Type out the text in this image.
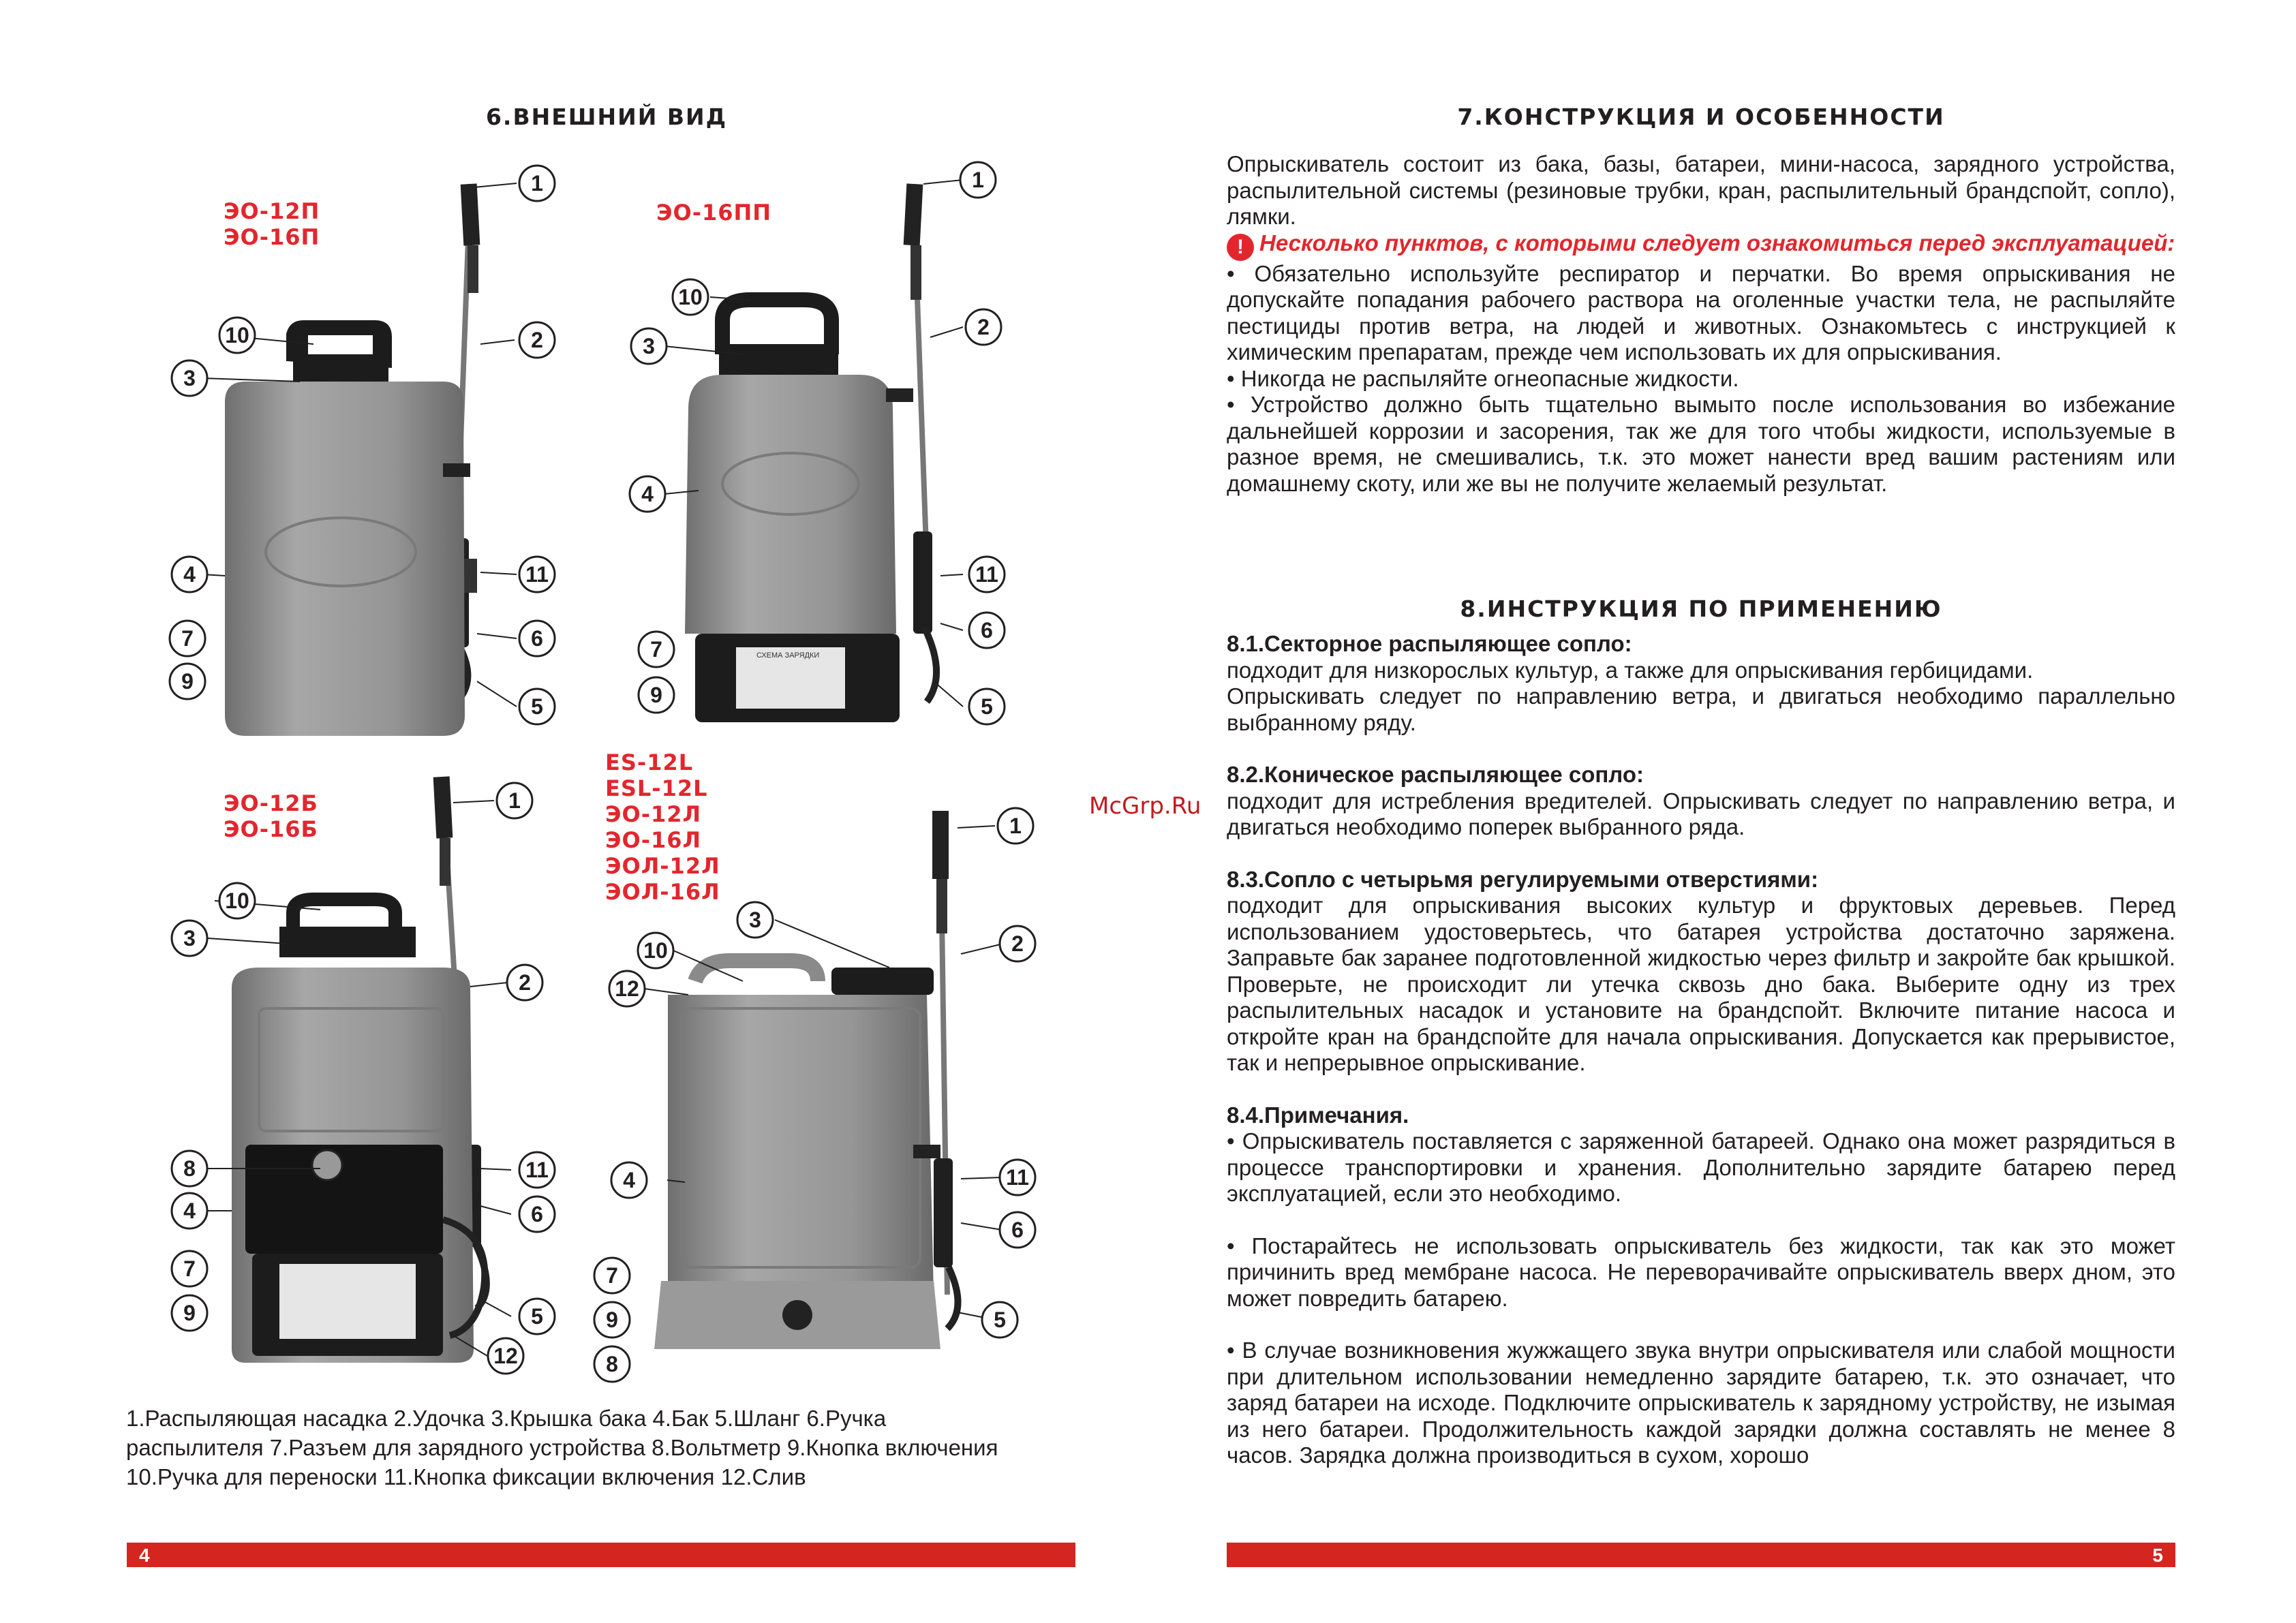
6.ВНЕШНИЙ ВИД
ЭО-12П
ЭО-16П
ЭО-16ПП
ЭО-12Б
ЭО-16Б
ES-12L
ESL-12L
ЭО-12Л
ЭО-16Л
ЭОЛ-12Л
ЭОЛ-16Л
1
2
3
4
5
6
7
9
10
11
1
2
3
4
5
6
7
9
10
11
1
2
3
4
5
6
7
8
9
10
11
12
1
2
3
4
5
6
7
8
9
10
11
12
1.Распыляющая насадка 2.Удочка 3.Крышка бака 4.Бак 5.Шланг 6.Ручка
распылителя 7.Разъем для зарядного устройства 8.Вольтметр 9.Кнопка включения
10.Ручка для переноски 11.Кнопка фиксации включения 12.Слив
4	5
7.КОНСТРУКЦИЯ И ОСОБЕННОСТИ

Опрыскиватель состоит из бака, базы, батареи, мини-насоса, зарядного устройства, распылительной системы (резиновые трубки, кран, распылительный брандспойт, сопло), лямки.

! Несколько пунктов, с которыми следует ознакомиться перед эксплуатацией:

• Обязательно используйте респиратор и перчатки. Во время опрыскивания не допускайте попадания рабочего раствора на оголенные участки тела, не распыляйте пестициды против ветра, на людей и животных. Ознакомьтесь с инструкцией к химическим препаратам, прежде чем использовать их для опрыскивания.

• Никогда не распыляйте огнеопасные жидкости.

• Устройство должно быть тщательно вымыто после использования во избежание дальнейшей коррозии и засорения, так же для того чтобы жидкости, используемые в разное время, не смешивались, т.к. это может нанести вред вашим растениям или домашнему скоту, или же вы не получите желаемый результат.

8.ИНСТРУКЦИЯ ПО ПРИМЕНЕНИЮ

8.1.Секторное распыляющее сопло:

подходит для низкорослых культур, а также для опрыскивания гербицидами.

Опрыскивать следует по направлению ветра, и двигаться необходимо параллельно выбранному ряду.

8.2.Коническое распыляющее сопло:

подходит для истребления вредителей. Опрыскивать следует по направлению ветра, и двигаться необходимо поперек выбранного ряда.

8.3.Сопло с четырьмя регулируемыми отверстиями:

подходит для опрыскивания высоких культур и фруктовых деревьев. Перед использованием удостоверьтесь, что батарея устройства достаточно заряжена. Заправьте бак заранее подготовленной жидкостью через фильтр и закройте бак крышкой. Проверьте, не происходит ли утечка сквозь дно бака. Выберите одну из трех распылительных насадок и установите на брандспойт. Включите питание насоса и откройте кран на брандспойте для начала опрыскивания. Допускается как прерывистое, так и непрерывное опрыскивание.

8.4.Примечания.

• Опрыскиватель поставляется с заряженной батареей. Однако она может разрядиться в процессе транспортировки и хранения. Дополнительно зарядите батарею перед эксплуатацией, если это необходимо.

• Постарайтесь не использовать опрыскиватель без жидкости, так как это может причинить вред мембране насоса. Не переворачивайте опрыскиватель вверх дном, это может повредить батарею.

• В случае возникновения жужжащего звука внутри опрыскивателя или слабой мощности при длительном использовании немедленно зарядите батарею, т.к. это означает, что заряд батареи на исходе. Подключите опрыскиватель к зарядному устройству, не изымая из него батареи. Продолжительность каждой зарядки должна составлять не менее 8 часов. Зарядка должна производиться в сухом, хорошо

McGrp.Ru
СХЕМА ЗАРЯДКИ
